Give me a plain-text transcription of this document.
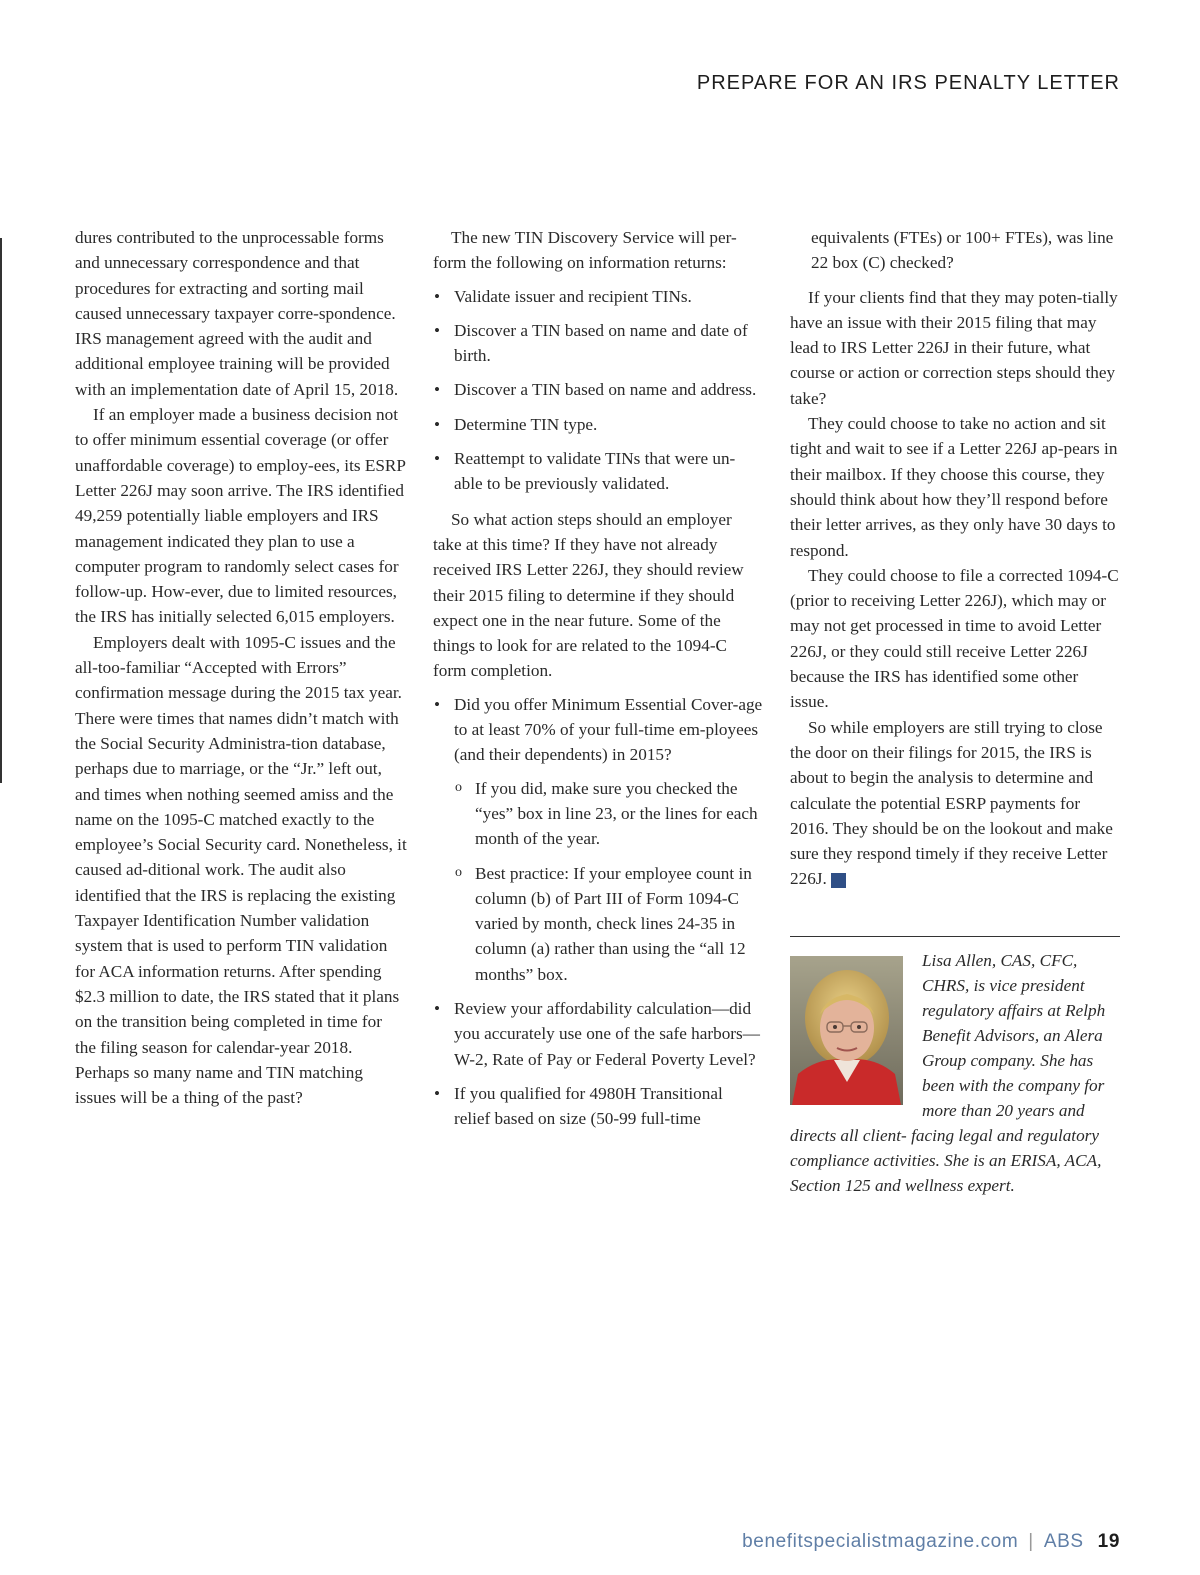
PREPARE FOR AN IRS PENALTY LETTER

dures contributed to the unprocessable forms and unnecessary correspondence and that procedures for extracting and sorting mail caused unnecessary taxpayer corre-spondence. IRS management agreed with the audit and additional employee training will be provided with an implementation date of April 15, 2018.

If an employer made a business decision not to offer minimum essential coverage (or offer unaffordable coverage) to employ-ees, its ESRP Letter 226J may soon arrive. The IRS identified 49,259 potentially liable employers and IRS management indicated they plan to use a computer program to randomly select cases for follow-up. How-ever, due to limited resources, the IRS has initially selected 6,015 employers.

Employers dealt with 1095-C issues and the all-too-familiar “Accepted with Errors” confirmation message during the 2015 tax year. There were times that names didn’t match with the Social Security Administra-tion database, perhaps due to marriage, or the “Jr.” left out, and times when nothing seemed amiss and the name on the 1095-C matched exactly to the employee’s Social Security card. Nonetheless, it caused ad-ditional work. The audit also identified that the IRS is replacing the existing Taxpayer Identification Number validation system that is used to perform TIN validation for ACA information returns. After spending $2.3 million to date, the IRS stated that it plans on the transition being completed in time for the filing season for calendar-year 2018. Perhaps so many name and TIN matching issues will be a thing of the past?

The new TIN Discovery Service will per-form the following on information returns:

• Validate issuer and recipient TINs.
• Discover a TIN based on name and date of birth.
• Discover a TIN based on name and address.
• Determine TIN type.
• Reattempt to validate TINs that were un-able to be previously validated.

So what action steps should an employer take at this time? If they have not already received IRS Letter 226J, they should review their 2015 filing to determine if they should expect one in the near future. Some of the things to look for are related to the 1094-C form completion.

• Did you offer Minimum Essential Cover-age to at least 70% of your full-time em-ployees (and their dependents) in 2015?
o If you did, make sure you checked the “yes” box in line 23, or the lines for each month of the year.
o Best practice: If your employee count in column (b) of Part III of Form 1094-C varied by month, check lines 24-35 in column (a) rather than using the “all 12 months” box.
• Review your affordability calculation—did you accurately use one of the safe harbors—W-2, Rate of Pay or Federal Poverty Level?
• If you qualified for 4980H Transitional relief based on size (50-99 full-time
equivalents (FTEs) or 100+ FTEs), was line 22 box (C) checked?

If your clients find that they may poten-tially have an issue with their 2015 filing that may lead to IRS Letter 226J in their future, what course or action or correction steps should they take?

They could choose to take no action and sit tight and wait to see if a Letter 226J ap-pears in their mailbox. If they choose this course, they should think about how they’ll respond before their letter arrives, as they only have 30 days to respond.

They could choose to file a corrected 1094-C (prior to receiving Letter 226J), which may or may not get processed in time to avoid Letter 226J, or they could still receive Letter 226J because the IRS has identified some other issue.

So while employers are still trying to close the door on their filings for 2015, the IRS is about to begin the analysis to determine and calculate the potential ESRP payments for 2016. They should be on the lookout and make sure they respond timely if they receive Letter 226J. ▲

Lisa Allen, CAS, CFC, CHRS, is vice president regulatory affairs at Relph Benefit Advisors, an Alera Group company. She has been with the company for more than 20 years and directs all client- facing legal and regulatory compliance activities. She is an ERISA, ACA, Section 125 and wellness expert.

benefitspecialistmagazine.com | ABS 19
